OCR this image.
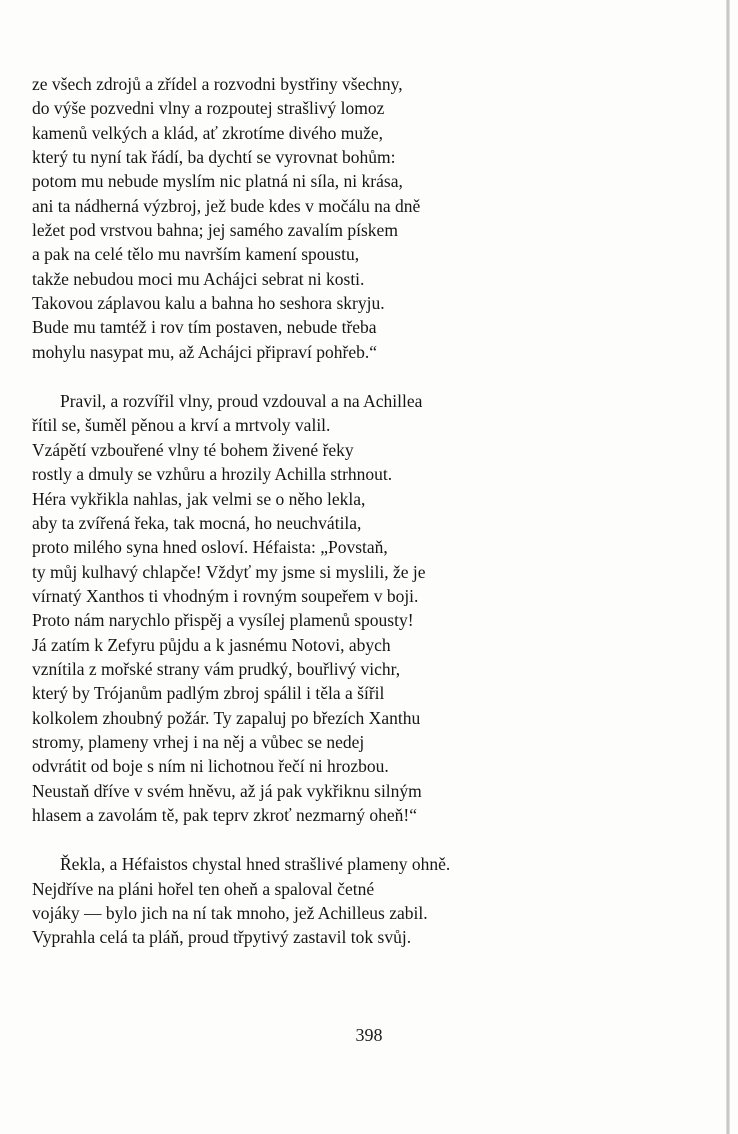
ze všech zdrojů a zřídel a rozvodni bystřiny všechny,
do výše pozvedni vlny a rozpoutej strašlivý lomoz
kamenů velkých a klád, ať zkrotíme divého muže,
který tu nyní tak řádí, ba dychtí se vyrovnat bohům:
potom mu nebude myslím nic platná ni síla, ni krása,
ani ta nádherná výzbroj, jež bude kdes v močálu na dně
ležet pod vrstvou bahna; jej samého zavalím pískem
a pak na celé tělo mu navrším kamení spoustu,
takže nebudou moci mu Achájci sebrat ni kosti.
Takovou záplavou kalu a bahna ho seshora skryju.
Bude mu tamtéž i rov tím postaven, nebude třeba
mohylu nasypat mu, až Achájci připraví pohřeb.“
Pravil, a rozvířil vlny, proud vzdouval a na Achillea
řítil se, šuměl pěnou a krví a mrtvoly valil.
Vzápětí vzbouřené vlny té bohem živené řeky
rostly a dmuly se vzhůru a hrozily Achilla strhnout.
Héra vykřikla nahlas, jak velmi se o něho lekla,
aby ta zvířená řeka, tak mocná, ho neuchvátila,
proto milého syna hned osloví. Héfaista: „Povstaň,
ty můj kulhavý chlapče! Vždyť my jsme si myslili, že je
vírnatý Xanthos ti vhodným i rovným soupeřem v boji.
Proto nám narychlo přispěj a vysílej plamenů spousty!
Já zatím k Zefyru půjdu a k jasnému Notovi, abych
vznítila z mořské strany vám prudký, bouřlivý vichr,
který by Trójanům padlým zbroj spálil i těla a šířil
kolkolem zhoubný požár. Ty zapaluj po březích Xanthu
stromy, plameny vrhej i na něj a vůbec se nedej
odvrátit od boje s ním ni lichotnou řečí ni hrozbou.
Neustaň dříve v svém hněvu, až já pak vykřiknu silným
hlasem a zavolám tě, pak teprv zkroť nezmarný oheň!“
Řekla, a Héfaistos chystal hned strašlivé plameny ohně.
Nejdříve na pláni hořel ten oheň a spaloval četné
vojáky — bylo jich na ní tak mnoho, jež Achilleus zabil.
Vyprahla celá ta pláň, proud třpytivý zastavil tok svůj.
398
